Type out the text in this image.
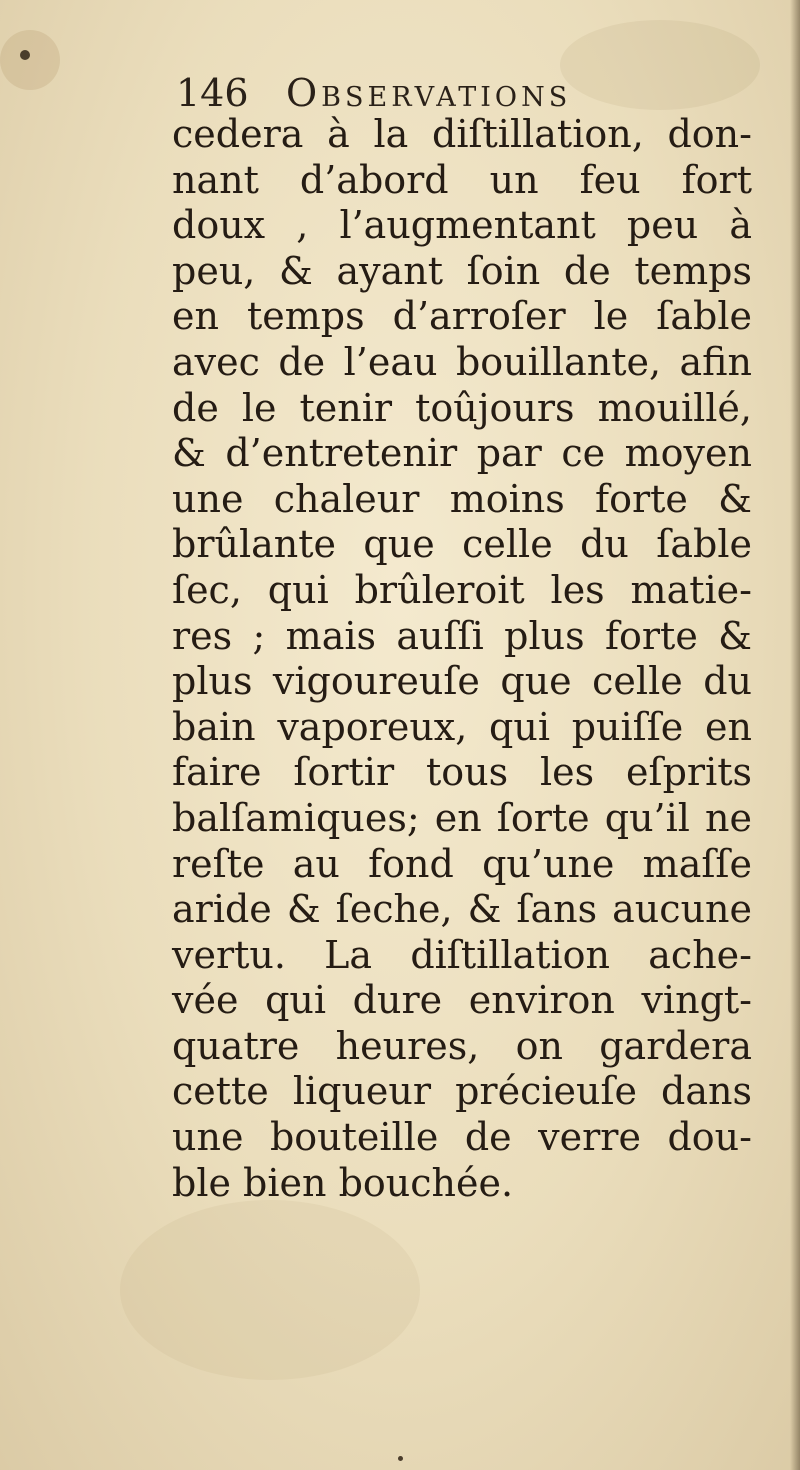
146 Observations
cedera à la diſtillation, don-
nant d’abord un feu fort
doux , l’augmentant peu à
peu, & ayant ſoin de temps
en temps d’arroſer le ſable
avec de l’eau bouillante, afin
de le tenir toûjours mouillé,
& d’entretenir par ce moyen
une chaleur moins forte &
brûlante que celle du ſable
ſec, qui brûleroit les matie-
res ; mais auſſi plus forte &
plus vigoureuſe que celle du
bain vaporeux, qui puiſſe en
faire ſortir tous les eſprits
balſamiques; en ſorte qu’il ne
reſte au fond qu’une maſſe
aride & ſeche, & ſans aucune
vertu. La diſtillation ache-
vée qui dure environ vingt-
quatre heures, on gardera
cette liqueur précieuſe dans
une bouteille de verre dou-
ble bien bouchée.
